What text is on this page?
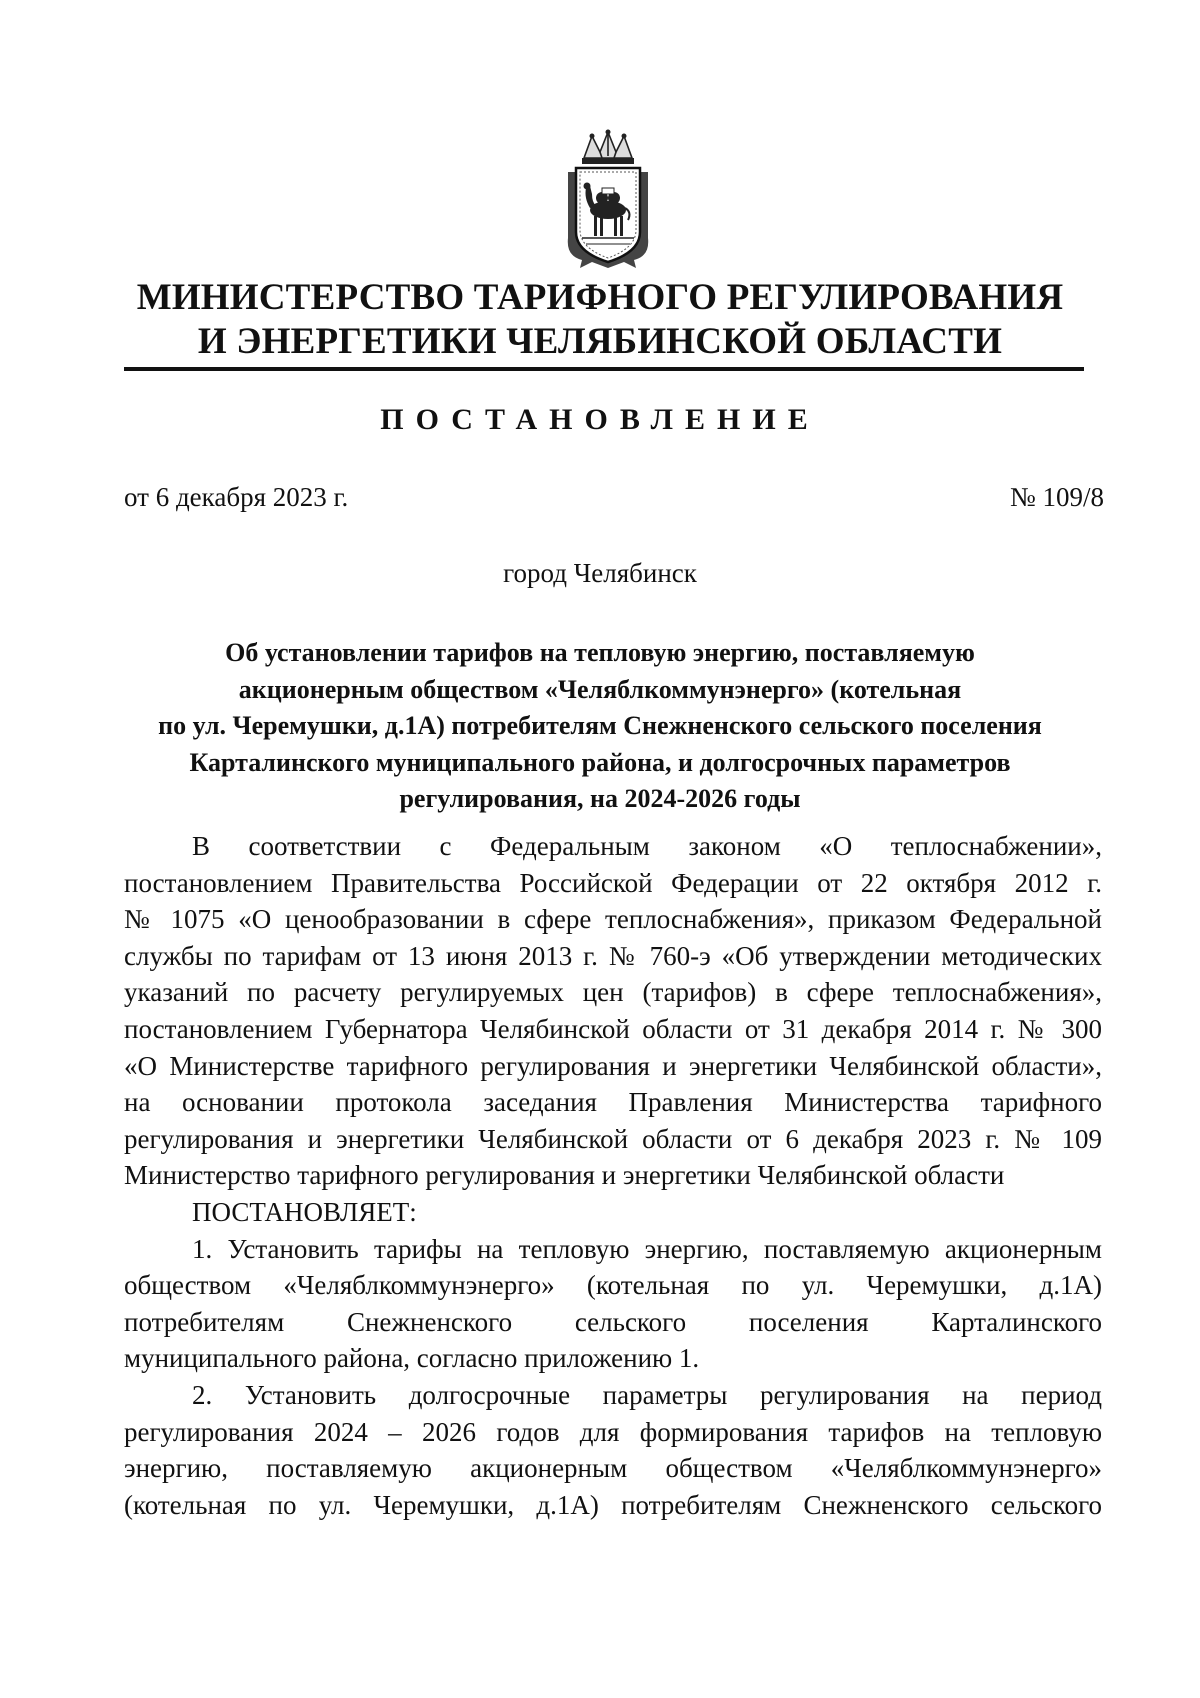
МИНИСТЕРСТВО ТАРИФНОГО РЕГУЛИРОВАНИЯ
И ЭНЕРГЕТИКИ ЧЕЛЯБИНСКОЙ ОБЛАСТИ
ПОСТАНОВЛЕНИЕ
от 6 декабря 2023 г.	№ 109/8
город Челябинск
Об установлении тарифов на тепловую энергию, поставляемую
акционерным обществом «Челяблкоммунэнерго» (котельная
по ул. Черемушки, д.1А) потребителям Снежненского сельского поселения
Карталинского муниципального района, и долгосрочных параметров
регулирования, на 2024-2026 годы
В соответствии с Федеральным законом «О теплоснабжении»,
постановлением Правительства Российской Федерации от 22 октября 2012 г.
№ 1075 «О ценообразовании в сфере теплоснабжения», приказом Федеральной
службы по тарифам от 13 июня 2013 г. № 760-э «Об утверждении методических
указаний по расчету регулируемых цен (тарифов) в сфере теплоснабжения»,
постановлением Губернатора Челябинской области от 31 декабря 2014 г. № 300
«О Министерстве тарифного регулирования и энергетики Челябинской области»,
на основании протокола заседания Правления Министерства тарифного
регулирования и энергетики Челябинской области от 6 декабря 2023 г. № 109
Министерство тарифного регулирования и энергетики Челябинской области
ПОСТАНОВЛЯЕТ:
1. Установить тарифы на тепловую энергию, поставляемую акционерным
обществом «Челяблкоммунэнерго» (котельная по ул. Черемушки, д.1А)
потребителям Снежненского сельского поселения Карталинского
муниципального района, согласно приложению 1.
2. Установить долгосрочные параметры регулирования на период
регулирования 2024 – 2026 годов для формирования тарифов на тепловую
энергию, поставляемую акционерным обществом «Челяблкоммунэнерго»
(котельная по ул. Черемушки, д.1А) потребителям Снежненского сельского
